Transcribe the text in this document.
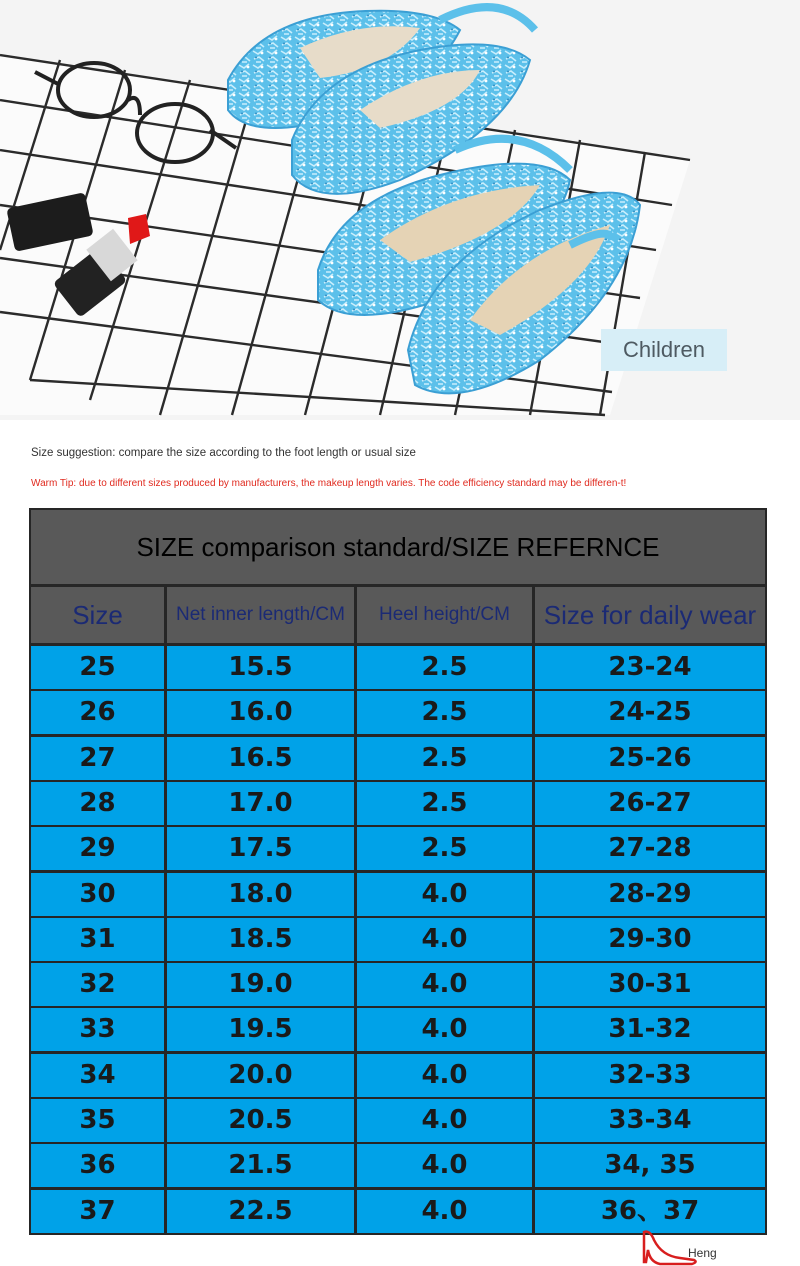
Children
Size suggestion: compare the size according to the foot length or usual size
Warm Tip: due to different sizes produced by manufacturers, the makeup length varies. The code efficiency standard may be differen-t!
SIZE comparison standard/SIZE REFERNCE
Size	Net inner length/CM	Heel height/CM	Size for daily wear
25	15.5	2.5	23-24
26	16.0	2.5	24-25
27	16.5	2.5	25-26
28	17.0	2.5	26-27
29	17.5	2.5	27-28
30	18.0	4.0	28-29
31	18.5	4.0	29-30
32	19.0	4.0	30-31
33	19.5	4.0	31-32
34	20.0	4.0	32-33
35	20.5	4.0	33-34
36	21.5	4.0	34, 35
37	22.5	4.0	36、37
Heng
